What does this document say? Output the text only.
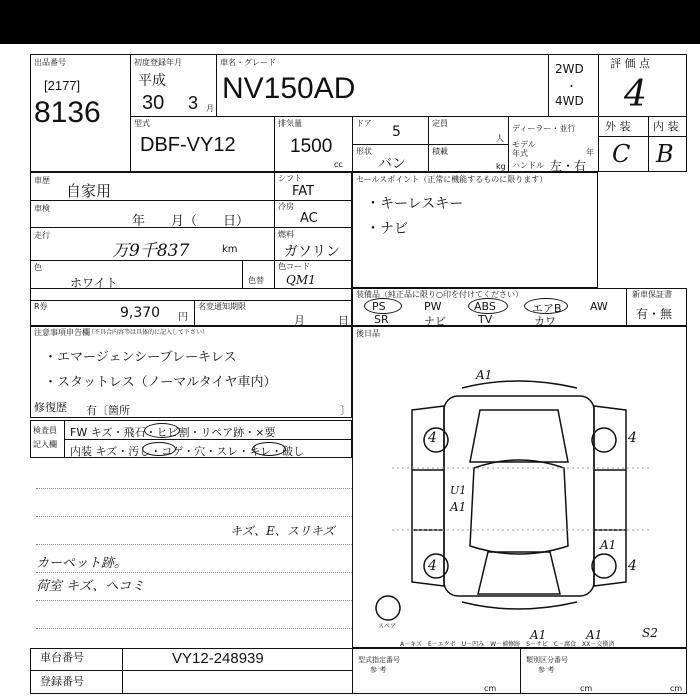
出品番号
[2177]
8136
初度登録年月
平成
30 3 月
車名・グレード
NV150AD
2WD
・
4WD
評 価 点
4
外 装 内 装
C B
型式
DBF-VY12
排気量
1500
cc
ドア
5
形状
バン
定員
人
積載
kg
ディーラー・並行
モデル年式	年
ハンドル 左・右
車歴
自家用
車検
年　　月（　　日）
走行
万9千837	km
色
ホワイト	色替
R券	9,370 円
名変通知期限
月	日
シフト
FAT
冷房
AC
燃料
ガソリン
色コード
QM1
セールスポイント（正常に機能するものに限ります）
・キーレスキー
・ナビ
装備品（純正品に限り○印を付けてください）
PS	PW	ABS	エアB	AW
SR	ナビ	TV	カワ
新車保証書
有・無
注意事項申告欄
（不具合内容等は具体的に記入して下さい）
・エマージェンシーブレーキレス
・スタットレス（ノーマルタイヤ車内）
修復歴 有〔箇所	〕
検査員
記入欄
FW キズ・飛石・ヒビ割・リペア跡・×要
内装 キズ・汚し・コゲ・穴・スレ・キレ・破し
キズ、E、スリキズ
カーペット跡。
荷室 キズ、ヘコミ
後日品
A1
4	4
U1
A1
A1
4	4
A1	A1	S2
スペア
A－キズ　E－エクボ　U－凹み　W－補修跡　S－サビ　C－腐食　XX－交換済
車台番号	VY12-248939
登録番号
型式指定番号
参 考
類別区分番号
参 考
cm	cm	cm
